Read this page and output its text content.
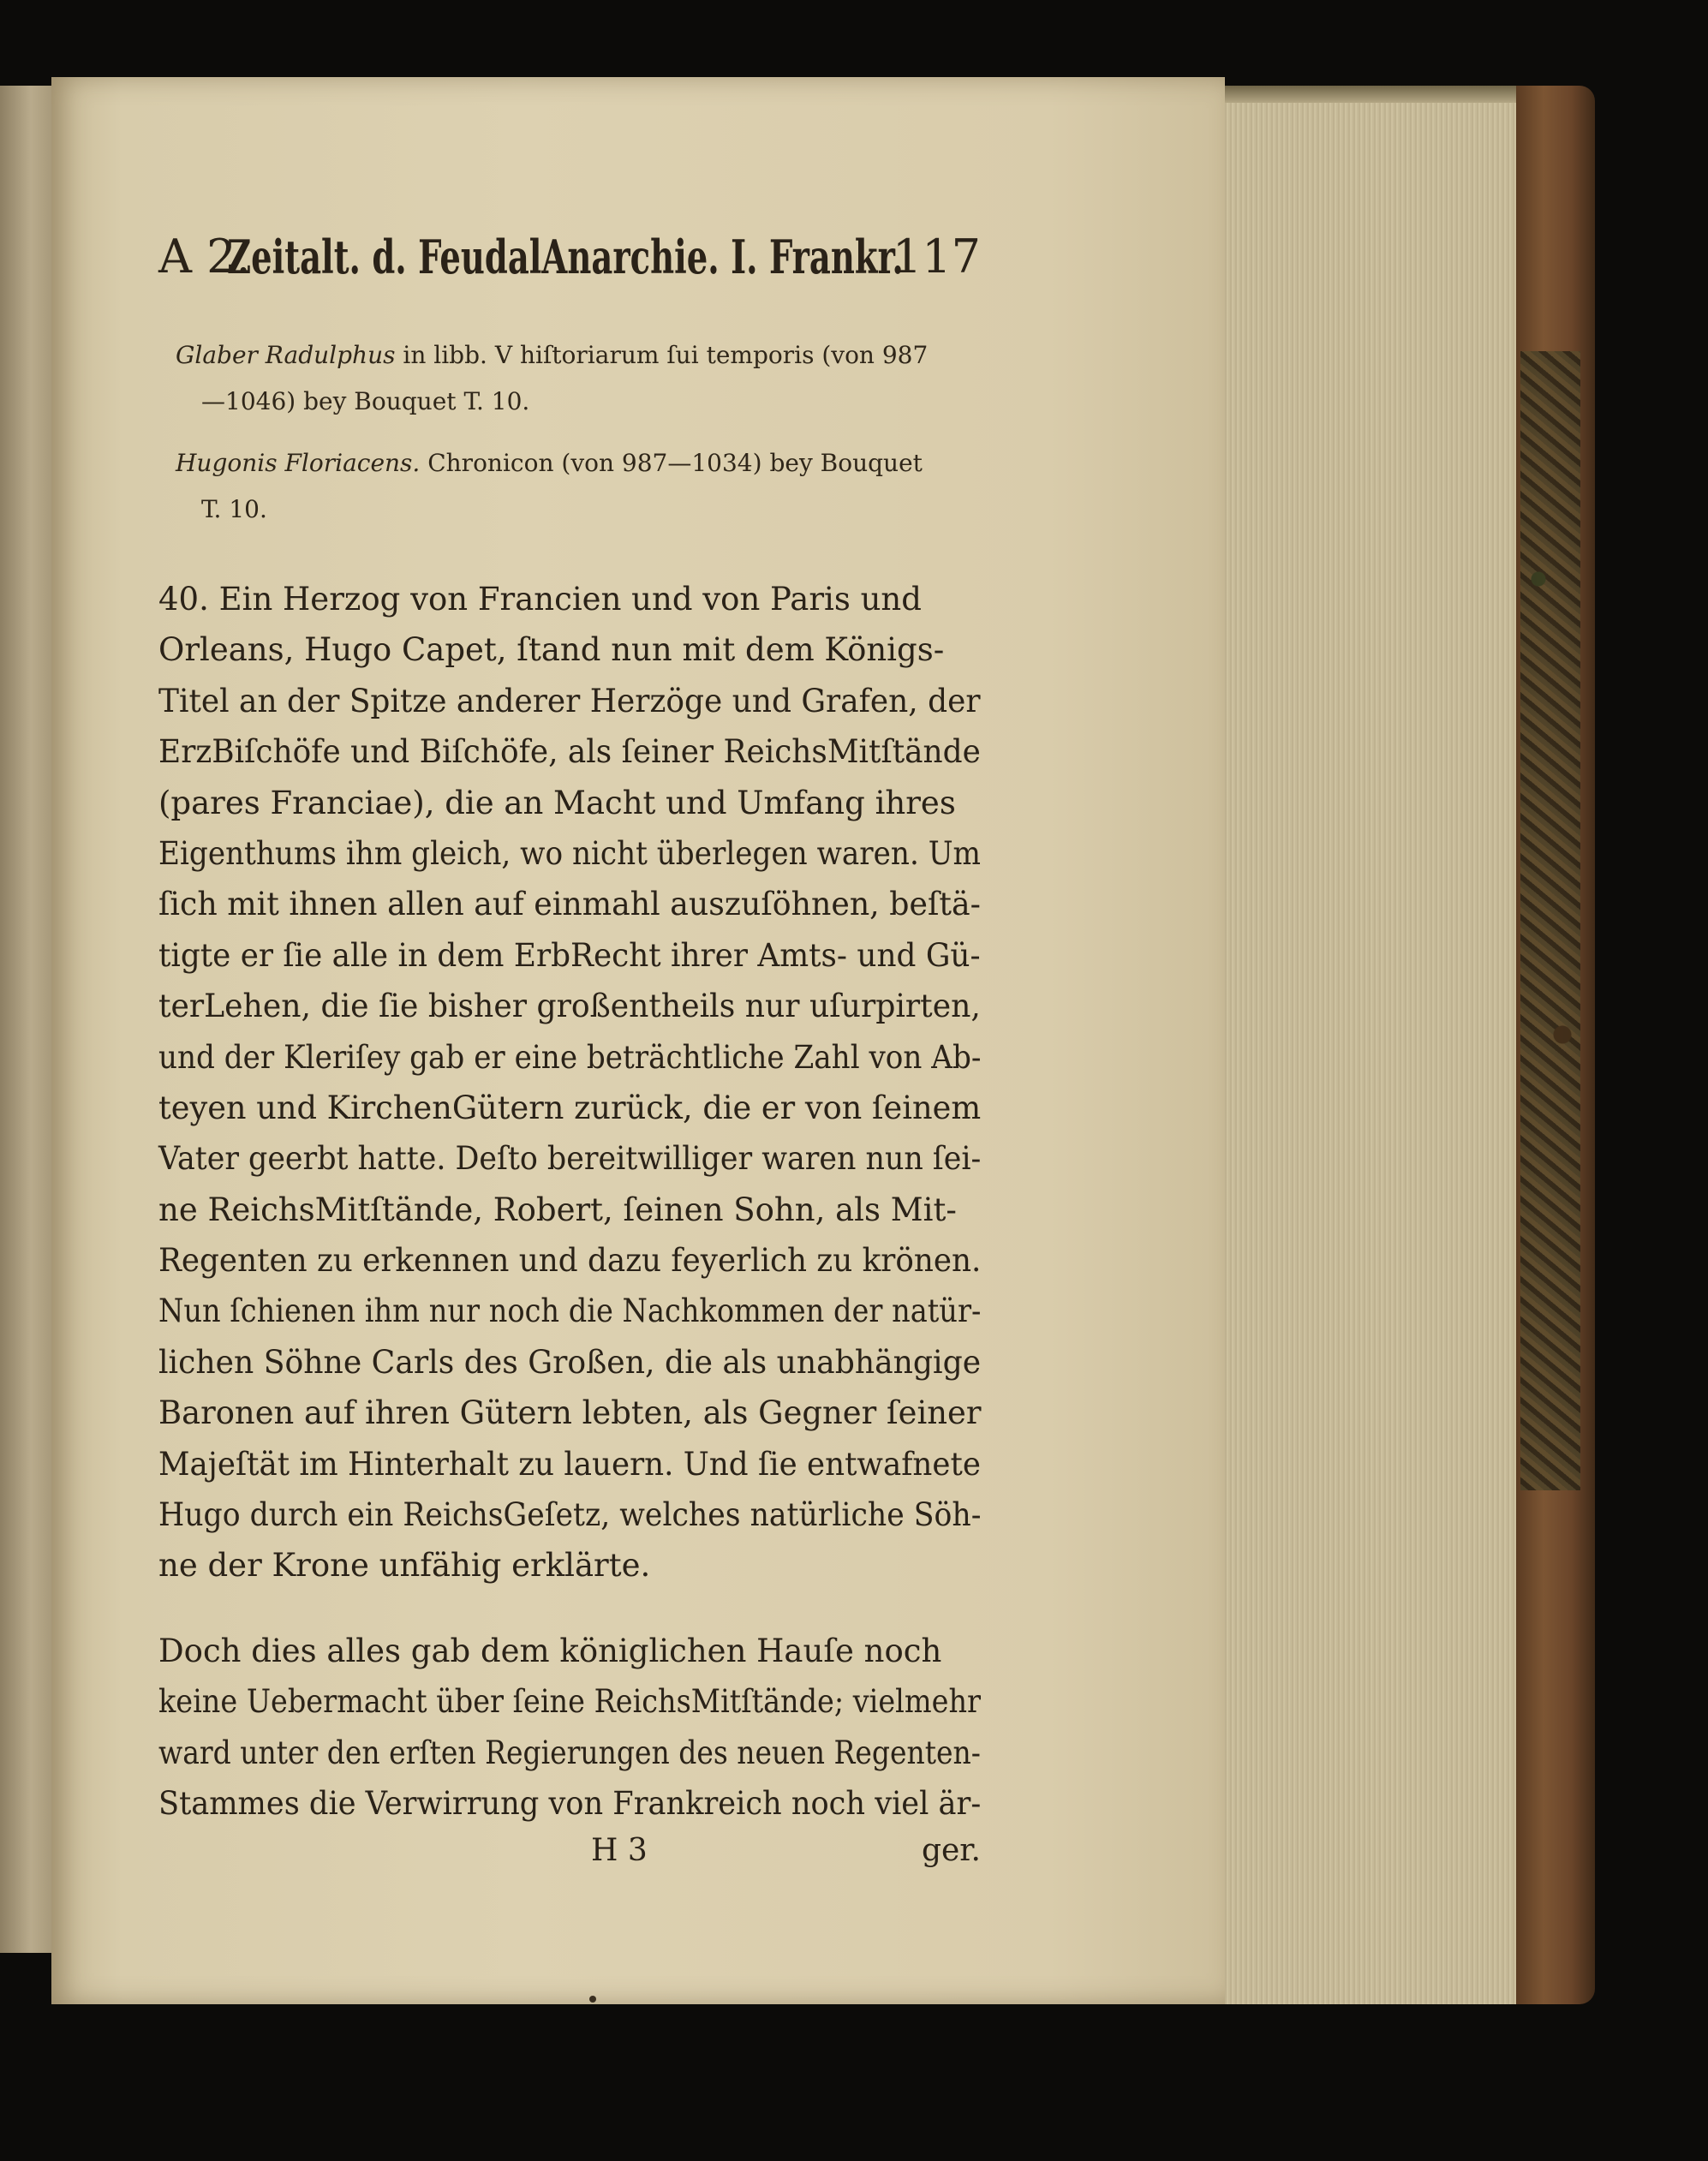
A 2.
Zeitalt. d. FeudalAnarchie. I. Frankr.
117
Glaber Radulphus in libb. V hiſtoriarum ſui temporis (von 987
—1046) bey Bouquet T. 10.
Hugonis Floriacens. Chronicon (von 987—1034) bey Bouquet
T. 10.
40. Ein Herzog von Francien und von Paris und
Orleans, Hugo Capet, ſtand nun mit dem Königs-
Titel an der Spitze anderer Herzöge und Grafen, der
ErzBiſchöfe und Biſchöfe, als ſeiner ReichsMitſtände
(pares Franciae), die an Macht und Umfang ihres
Eigenthums ihm gleich, wo nicht überlegen waren. Um
ſich mit ihnen allen auf einmahl auszuſöhnen, beſtä-
tigte er ſie alle in dem ErbRecht ihrer Amts- und Gü-
terLehen, die ſie bisher großentheils nur uſurpirten,
und der Kleriſey gab er eine beträchtliche Zahl von Ab-
teyen und KirchenGütern zurück, die er von ſeinem
Vater geerbt hatte. Deſto bereitwilliger waren nun ſei-
ne ReichsMitſtände, Robert, ſeinen Sohn, als Mit-
Regenten zu erkennen und dazu feyerlich zu krönen.
Nun ſchienen ihm nur noch die Nachkommen der natür-
lichen Söhne Carls des Großen, die als unabhängige
Baronen auf ihren Gütern lebten, als Gegner ſeiner
Majeſtät im Hinterhalt zu lauern. Und ſie entwafnete
Hugo durch ein ReichsGeſetz, welches natürliche Söh-
ne der Krone unfähig erklärte.
Doch dies alles gab dem königlichen Hauſe noch
keine Uebermacht über ſeine ReichsMitſtände; vielmehr
ward unter den erſten Regierungen des neuen Regenten-
Stammes die Verwirrung von Frankreich noch viel är-
H 3	ger.
